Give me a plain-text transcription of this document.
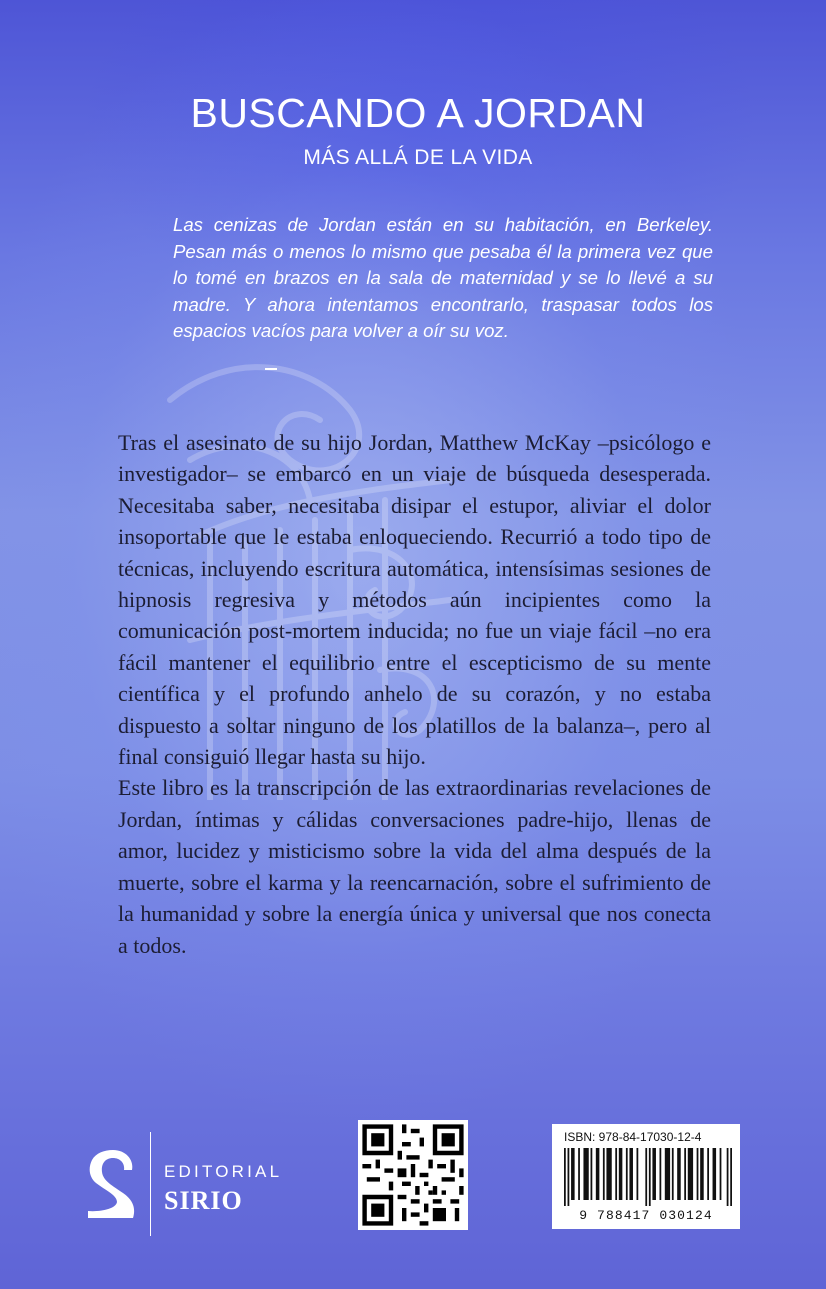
BUSCANDO A JORDAN
MÁS ALLÁ DE LA VIDA

Las cenizas de Jordan están en su habitación, en Berkeley. Pesan más o menos lo mismo que pesaba él la primera vez que lo tomé en brazos en la sala de maternidad y se lo llevé a su madre. Y ahora intentamos encontrarlo, traspasar todos los espacios vacíos para volver a oír su voz.

Tras el asesinato de su hijo Jordan, Matthew McKay –psicólogo e investigador– se embarcó en un viaje de búsqueda desesperada. Necesitaba saber, necesitaba disipar el estupor, aliviar el dolor insoportable que le estaba enloqueciendo. Recurrió a todo tipo de técnicas, incluyendo escritura automática, intensísimas sesiones de hipnosis regresiva y métodos aún incipientes como la comunicación post-mortem inducida; no fue un viaje fácil –no era fácil mantener el equilibrio entre el escepticismo de su mente científica y el profundo anhelo de su corazón, y no estaba dispuesto a soltar ninguno de los platillos de la balanza–, pero al final consiguió llegar hasta su hijo.

Este libro es la transcripción de las extraordinarias revelaciones de Jordan, íntimas y cálidas conversaciones padre-hijo, llenas de amor, lucidez y misticismo sobre la vida del alma después de la muerte, sobre el karma y la reencarnación, sobre el sufrimiento de la humanidad y sobre la energía única y universal que nos conecta a todos.

EDITORIAL
SIRIO
ISBN: 978-84-17030-12-4
9 788417 030124
